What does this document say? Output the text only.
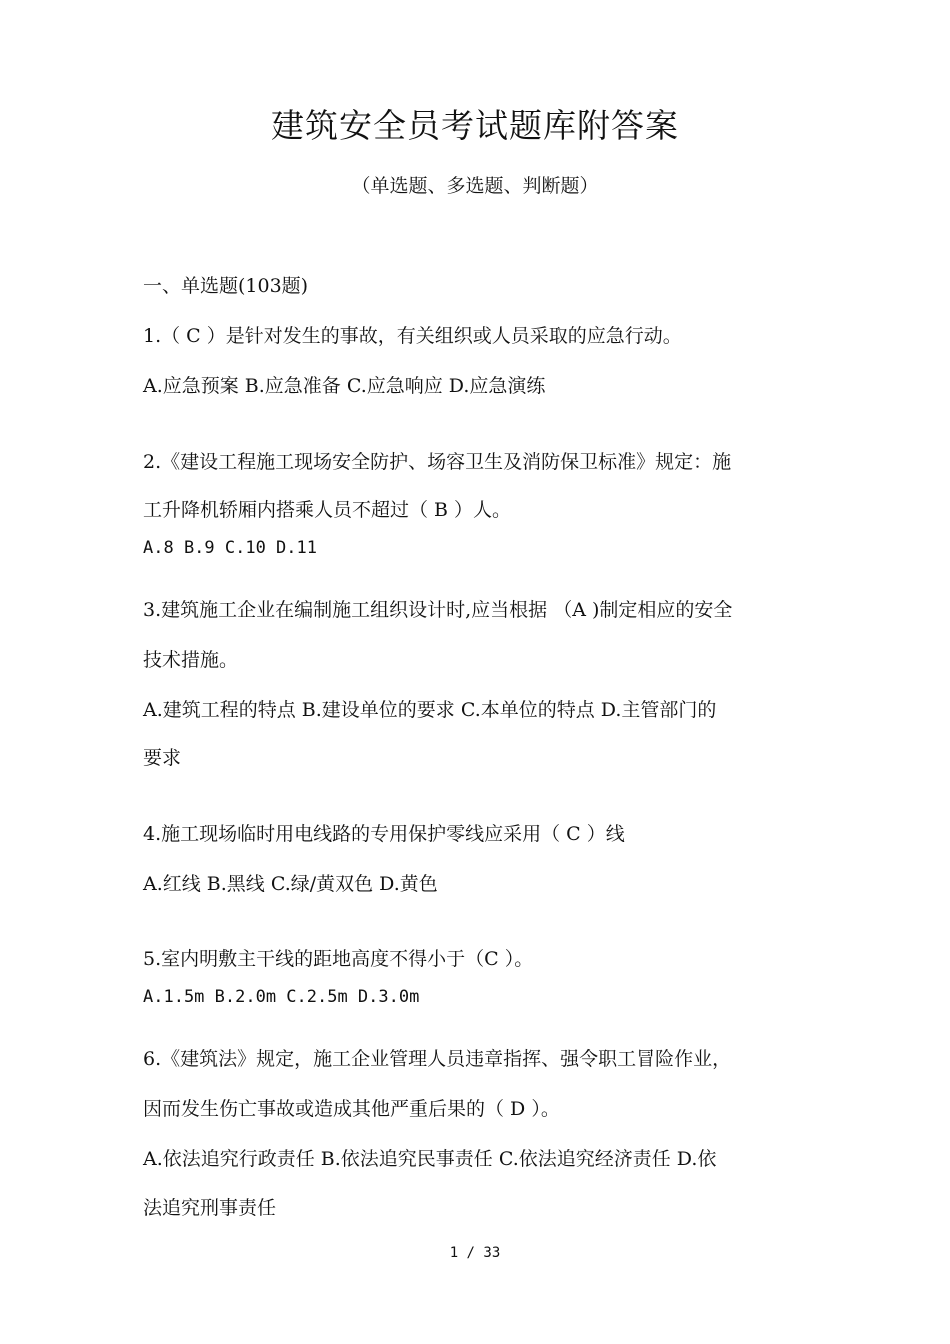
建筑安全员考试题库附答案
（单选题、多选题、判断题）
一、单选题(103题)
1.（ C ）是针对发生的事故，有关组织或人员采取的应急行动。
A.应急预案 B.应急准备 C.应急响应 D.应急演练
2.《建设工程施工现场安全防护、场容卫生及消防保卫标准》规定：施
工升降机轿厢内搭乘人员不超过（ B ）人。
A.8 B.9 C.10 D.11
3.建筑施工企业在编制施工组织设计时,应当根据 （A )制定相应的安全
技术措施。
A.建筑工程的特点 B.建设单位的要求 C.本单位的特点 D.主管部门的
要求
4.施工现场临时用电线路的专用保护零线应采用（ C ）线
A.红线 B.黑线 C.绿/黄双色 D.黄色
5.室内明敷主干线的距地高度不得小于（C ）。
A.1.5m B.2.0m C.2.5m D.3.0m
6.《建筑法》规定，施工企业管理人员违章指挥、强令职工冒险作业，
因而发生伤亡事故或造成其他严重后果的（ D ）。
A.依法追究行政责任 B.依法追究民事责任 C.依法追究经济责任 D.依
法追究刑事责任
1 / 33
